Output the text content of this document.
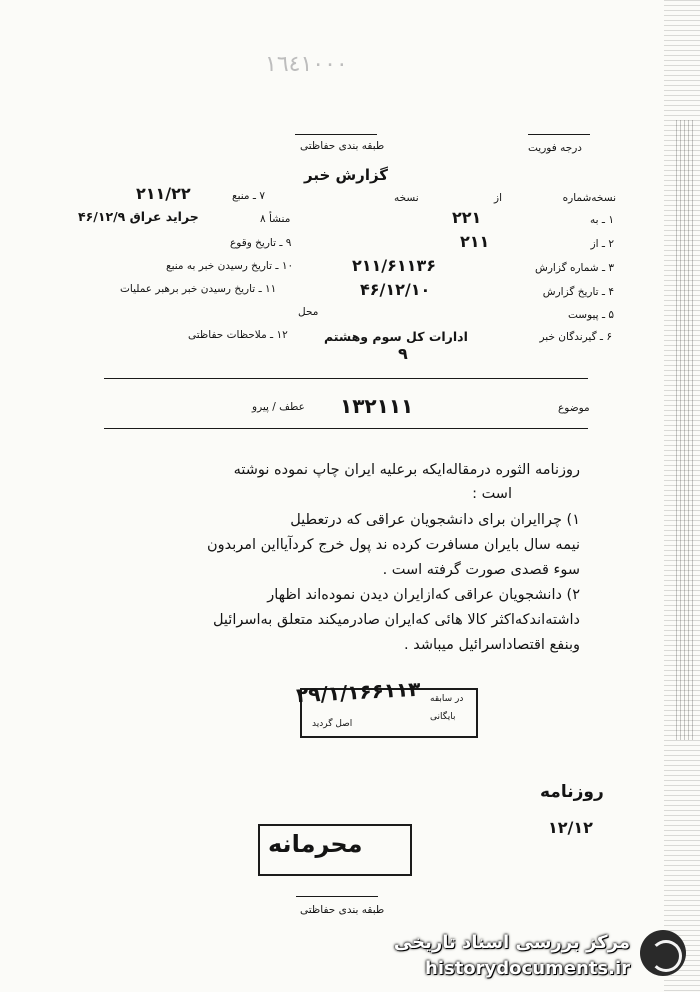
١٦٤١٠٠٠
طبقه بندی حفاظتی	درجه فوریت
گزارش خبر
نسخه‌شماره
از
نسخه
۱ ـ به
۲۲۱
۲ ـ از
۲۱۱
۳ ـ شماره گزارش
۲۱۱/۶۱۱۳۶
۴ ـ تاریخ گزارش
۴۶/۱۲/۱۰
۵ ـ پیوست
۶ ـ گیرندگان خبر
ادارات کل سوم وهشتم
٩
۷ ـ منبع
۲۱۱/۲۲
منشأ ۸
جراید عراق ۴۶/۱۲/۹
۹ ـ تاریخ وقوع
۱۰ ـ تاریخ رسیدن خبر به منبع
۱۱ ـ تاریخ رسیدن خبر برهبر عملیات
محل
۱۲ ـ ملاحظات حفاظتی
موضوع
۱۳۲۱۱۱
عطف / پیرو
روزنامه الثوره درمقاله‌ایکه برعلیه ایران چاپ نموده نوشته
است :
۱) چراایران برای دانشجویان عراقی که درتعطیل
نیمه سال بایران مسافرت کرده ند پول خرج کردآیااین امربدون
سوء قصدی صورت گرفته است .
۲) دانشجویان عراقی که‌ازایران دیدن نموده‌اند اظهار
داشته‌اندکه‌اکثر کالا هائی که‌ایران صادرمیکند متعلق به‌اسرائیل
وبنفع اقتصاداسرائیل میباشد .
۲۹/۱/۱۶۶۱۱۳ در سابقه
بایگانی
اصل گردید
روزنامه
۱۲/۱۲
محرمانه
طبقه بندی حفاظتی
مرکز بررسی اسناد تاریخی
historydocuments.ir
